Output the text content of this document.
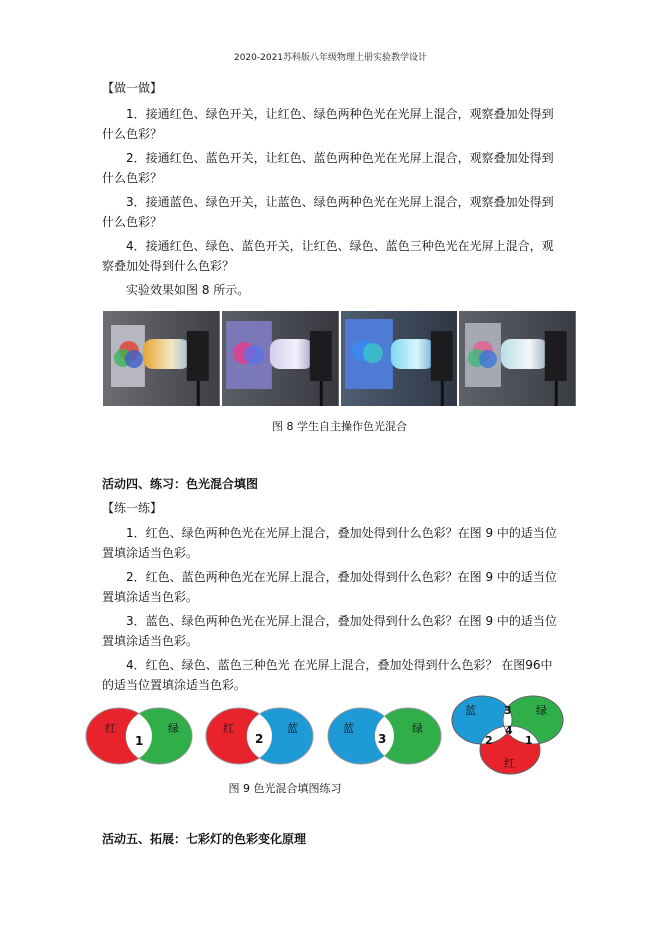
2020-2021苏科版八年级物理上册实验教学设计
【做一做】
1．接通红色、绿色开关，让红色、绿色两种色光在光屏上混合，观察叠加处得到什么色彩？
2．接通红色、蓝色开关，让红色、蓝色两种色光在光屏上混合，观察叠加处得到什么色彩？
3．接通蓝色、绿色开关，让蓝色、绿色两种色光在光屏上混合，观察叠加处得到什么色彩？
4．接通红色、绿色、蓝色开关，让红色、绿色、蓝色三种色光在光屏上混合，观察叠加处得到什么色彩？
实验效果如图 8 所示。
图 8 学生自主操作色光混合
活动四、练习：色光混合填图
【练一练】
1．红色、绿色两种色光在光屏上混合，叠加处得到什么色彩？在图 9 中的适当位置填涂适当色彩。
2．红色、蓝色两种色光在光屏上混合，叠加处得到什么色彩？在图 9 中的适当位置填涂适当色彩。
3．蓝色、绿色两种色光在光屏上混合，叠加处得到什么色彩？在图 9 中的适当位置填涂适当色彩。
4．红色、绿色、蓝色三种色光 在光屏上混合，叠加处得到什么色彩？ 在图96中的适当位置填涂适当色彩。
红	绿
1
红	蓝
2
蓝	绿
3
蓝	绿
红
3
2
4
1
图 9 色光混合填图练习
活动五、拓展：七彩灯的色彩变化原理
